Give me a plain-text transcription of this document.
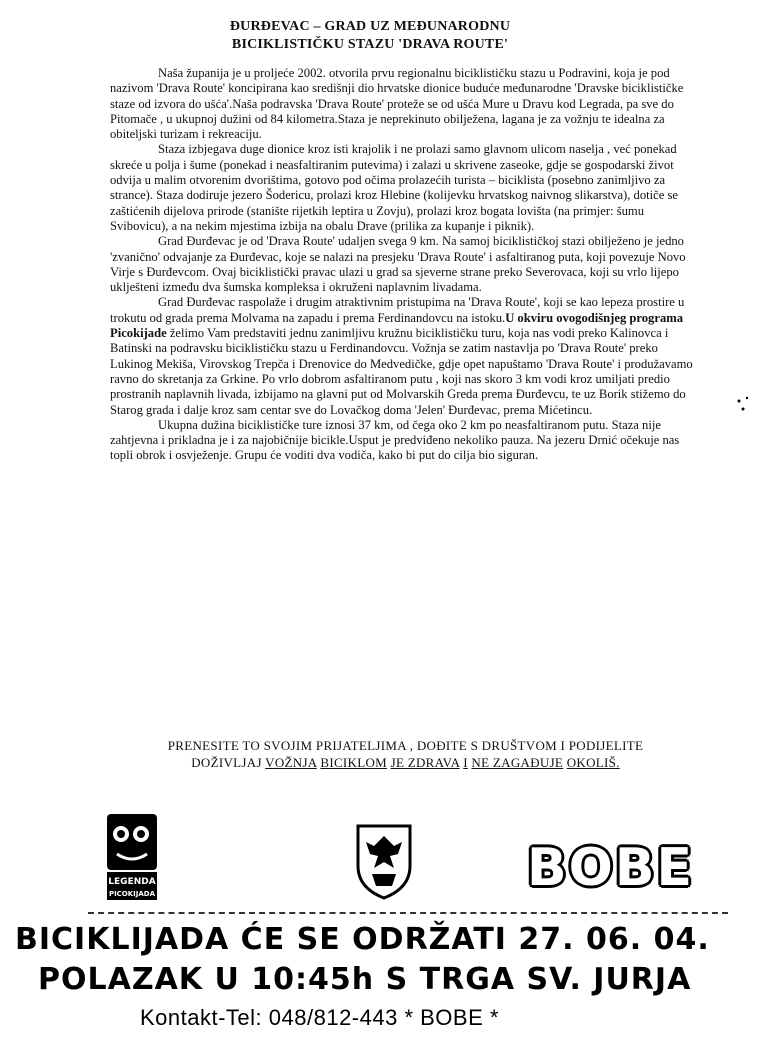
ĐURĐEVAC – GRAD UZ MEĐUNARODNU
BICIKLISTIČKU STAZU 'DRAVA ROUTE'

Naša županija je u proljeće 2002. otvorila prvu regionalnu biciklističku stazu u Podravini, koja je pod nazivom 'Drava Route' koncipirana kao središnji dio hrvatske dionice buduće međunarodne 'Dravske biciklističke staze od izvora do ušća'.Naša podravska 'Drava Route' proteže se od ušća Mure u Dravu kod Legrada, pa sve do Pitomače , u ukupnoj dužini od 84 kilometra.Staza je neprekinuto obilježena, lagana je za vožnju te idealna za obiteljski turizam i rekreaciju.

Staza izbjegava duge dionice kroz isti krajolik i ne prolazi samo glavnom ulicom naselja , već ponekad skreće u polja i šume (ponekad i neasfaltiranim putevima) i zalazi u skrivene zaseoke, gdje se gospodarski život odvija u malim otvorenim dvorištima, gotovo pod očima prolazećih turista – biciklista (posebno zanimljivo za strance). Staza dodiruje jezero Šodericu, prolazi kroz Hlebine (kolijevku hrvatskog naivnog slikarstva), dotiče se zaštićenih dijelova prirode (stanište rijetkih leptira u Zovju), prolazi kroz bogata lovišta (na primjer: šumu Svibovicu), a na nekim mjestima izbija na obalu Drave (prilika za kupanje i piknik).

Grad Đurđevac je od 'Drava Route' udaljen svega 9 km. Na samoj biciklističkoj stazi obilježeno je jedno 'zvanično' odvajanje za Đurđevac, koje se nalazi na presjeku 'Drava Route' i asfaltiranog puta, koji povezuje Novo Virje s Đurđevcom. Ovaj biciklistički pravac ulazi u grad sa sjeverne strane preko Severovaca, koji su vrlo lijepo uklješteni između dva šumska kompleksa i okruženi naplavnim livadama.

Grad Đurđevac raspolaže i drugim atraktivnim pristupima na 'Drava Route', koji se kao lepeza prostire u trokutu od grada prema Molvama na zapadu i prema Ferdinandovcu na istoku.U okviru ovogodišnjeg programa Picokijade želimo Vam predstaviti jednu zanimljivu kružnu biciklističku turu, koja nas vodi preko Kalinovca i Batinski na podravsku biciklističku stazu u Ferdinandovcu. Vožnja se zatim nastavlja po 'Drava Route' preko Lukinog Mekiša, Virovskog Trepča i Drenovice do Medvedičke, gdje opet napuštamo 'Drava Route' i produžavamo ravno do skretanja za Grkine. Po vrlo dobrom asfaltiranom putu , koji nas skoro 3 km vodi kroz umiljati predio prostranih naplavnih livada, izbijamo na glavni put od Molvarskih Greda prema Đurđevcu, te uz Borik stižemo do Starog grada i dalje kroz sam centar sve do Lovačkog doma 'Jelen' Đurđevac, prema Mićetincu.

Ukupna dužina biciklističke ture iznosi 37 km, od čega oko 2 km po neasfaltiranom putu. Staza nije zahtjevna i prikladna je i za najobičnije bicikle.Usput je predviđeno nekoliko pauza. Na jezeru Drnić očekuje nas topli obrok i osvježenje. Grupu će voditi dva vodiča, kako bi put do cilja bio siguran.

PRENESITE TO SVOJIM PRIJATELJIMA , DOĐITE S DRUŠTVOM I PODIJELITE
DOŽIVLJAJ VOŽNJA BICIKLOM JE ZDRAVA I NE ZAGAĐUJE OKOLIŠ.
LEGENDA
PICOKIJADA	BOBE
BICIKLIJADA ĆE SE ODRŽATI 27. 06. 04.
POLAZAK U 10:45h S TRGA SV. JURJA
Kontakt-Tel: 048/812-443 * BOBE *
